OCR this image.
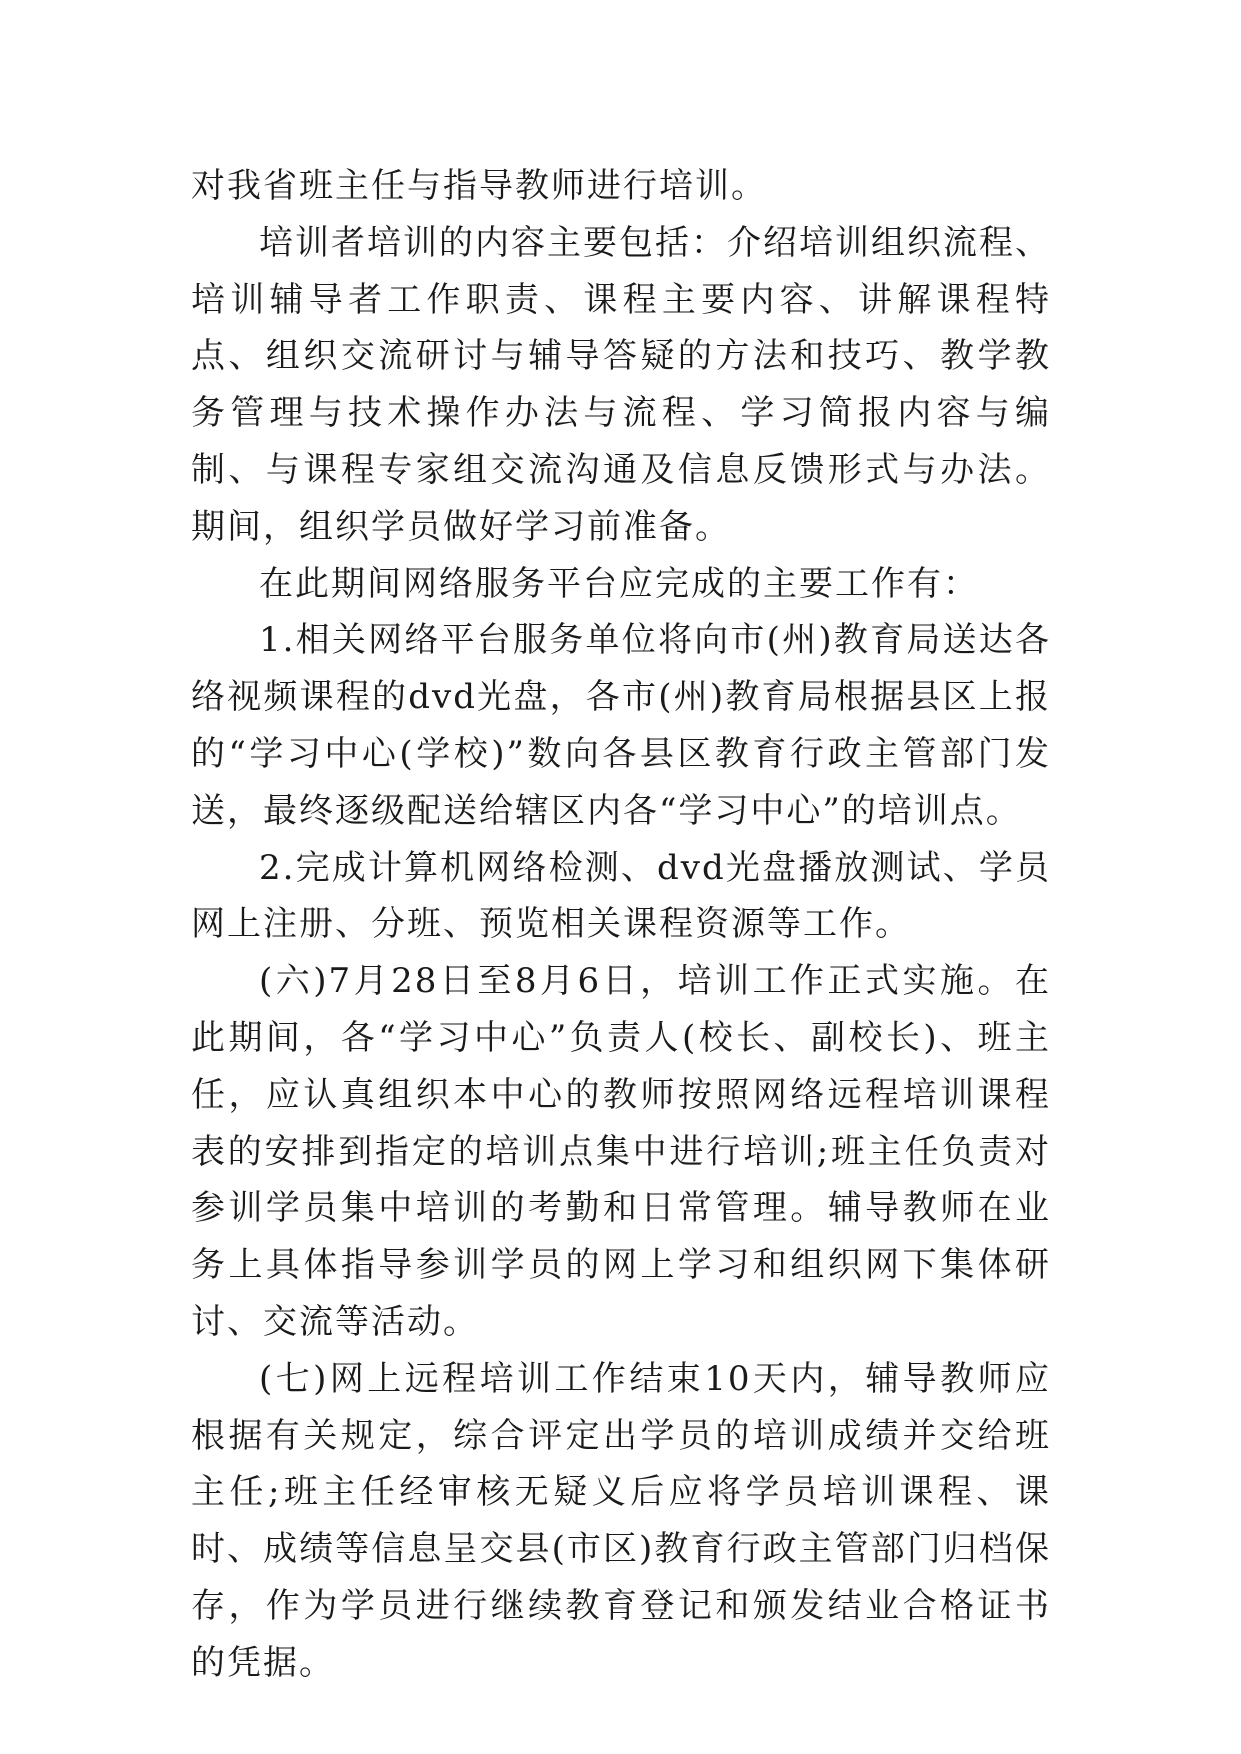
对我省班主任与指导教师进行培训。

培训者培训的内容主要包括：介绍培训组织流程、培训辅导者工作职责、课程主要内容、讲解课程特点、组织交流研讨与辅导答疑的方法和技巧、教学教务管理与技术操作办法与流程、学习简报内容与编制、与课程专家组交流沟通及信息反馈形式与办法。期间，组织学员做好学习前准备。

在此期间网络服务平台应完成的主要工作有：

1.相关网络平台服务单位将向市(州)教育局送达各络视频课程的dvd光盘，各市(州)教育局根据县区上报的“学习中心(学校)”数向各县区教育行政主管部门发送，最终逐级配送给辖区内各“学习中心”的培训点。

2.完成计算机网络检测、dvd光盘播放测试、学员网上注册、分班、预览相关课程资源等工作。

(六)7月28日至8月6日，培训工作正式实施。在此期间，各“学习中心”负责人(校长、副校长)、班主任，应认真组织本中心的教师按照网络远程培训课程表的安排到指定的培训点集中进行培训;班主任负责对参训学员集中培训的考勤和日常管理。辅导教师在业务上具体指导参训学员的网上学习和组织网下集体研讨、交流等活动。

(七)网上远程培训工作结束10天内，辅导教师应根据有关规定，综合评定出学员的培训成绩并交给班主任;班主任经审核无疑义后应将学员培训课程、课时、成绩等信息呈交县(市区)教育行政主管部门归档保存，作为学员进行继续教育登记和颁发结业合格证书的凭据。
